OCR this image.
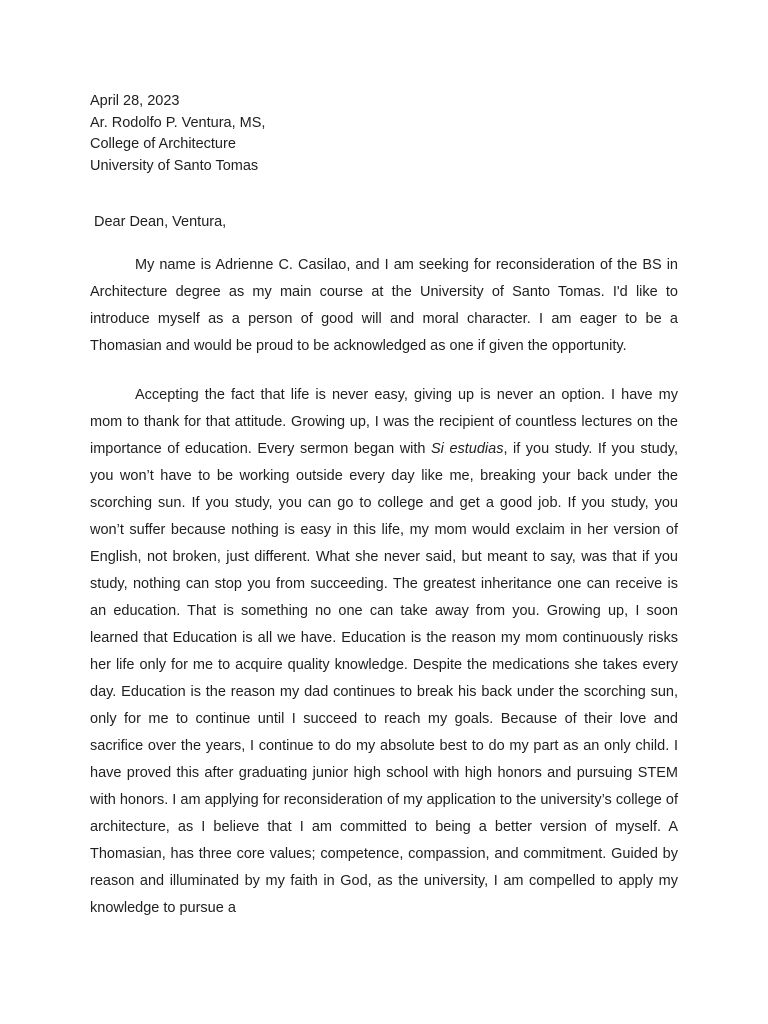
April 28, 2023
Ar. Rodolfo P. Ventura, MS,
College of Architecture
University of Santo Tomas
Dear Dean, Ventura,

My name is Adrienne C. Casilao, and I am seeking for reconsideration of the BS in Architecture degree as my main course at the University of Santo Tomas. I'd like to introduce myself as a person of good will and moral character. I am eager to be a Thomasian and would be proud to be acknowledged as one if given the opportunity.

Accepting the fact that life is never easy, giving up is never an option. I have my mom to thank for that attitude. Growing up, I was the recipient of countless lectures on the importance of education. Every sermon began with Si estudias, if you study. If you study, you won’t have to be working outside every day like me, breaking your back under the scorching sun. If you study, you can go to college and get a good job. If you study, you won’t suffer because nothing is easy in this life, my mom would exclaim in her version of English, not broken, just different. What she never said, but meant to say, was that if you study, nothing can stop you from succeeding. The greatest inheritance one can receive is an education. That is something no one can take away from you. Growing up, I soon learned that Education is all we have. Education is the reason my mom continuously risks her life only for me to acquire quality knowledge. Despite the medications she takes every day. Education is the reason my dad continues to break his back under the scorching sun, only for me to continue until I succeed to reach my goals. Because of their love and sacrifice over the years, I continue to do my absolute best to do my part as an only child. I have proved this after graduating junior high school with high honors and pursuing STEM with honors. I am applying for reconsideration of my application to the university’s college of architecture, as I believe that I am committed to being a better version of myself. A Thomasian, has three core values; competence, compassion, and commitment. Guided by reason and illuminated by my faith in God, as the university, I am compelled to apply my knowledge to pursue a
